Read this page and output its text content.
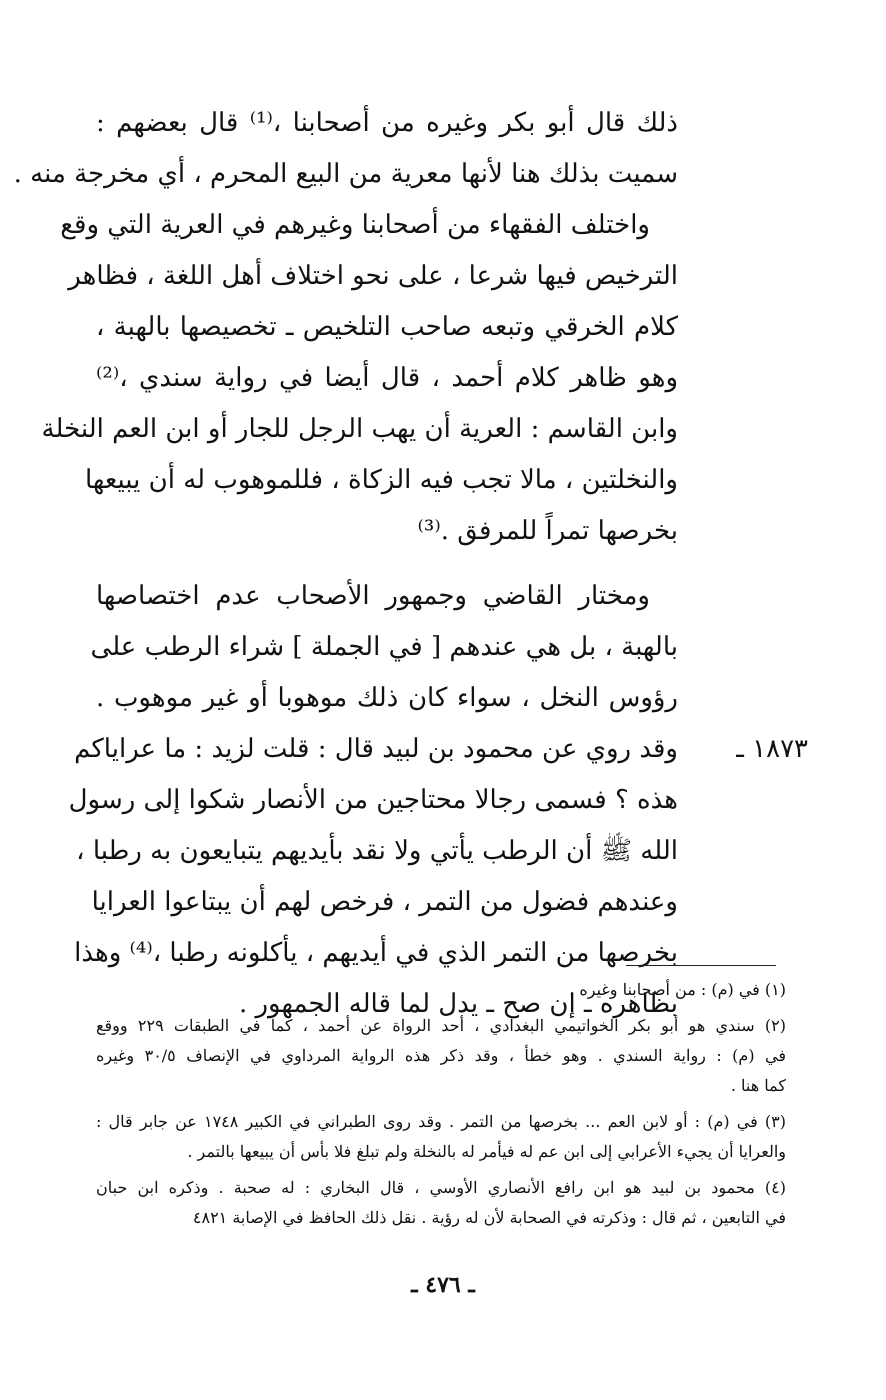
ذلك قال أبو بكر وغيره من أصحابنا ،⁽¹⁾ قال بعضهم :
سميت بذلك هنا لأنها معرية من البيع المحرم ، أي مخرجة منه .
واختلف الفقهاء من أصحابنا وغيرهم في العرية التي وقع
الترخيص فيها شرعا ، على نحو اختلاف أهل اللغة ، فظاهر
كلام الخرقي وتبعه صاحب التلخيص ـ تخصيصها بالهبة ،
وهو ظاهر كلام أحمد ، قال أيضا في رواية سندي ،⁽²⁾
وابن القاسم : العرية أن يهب الرجل للجار أو ابن العم النخلة
والنخلتين ، مالا تجب فيه الزكاة ، فللموهوب له أن يبيعها
بخرصها تمراً للمرفق .⁽³⁾
ومختار القاضي وجمهور الأصحاب عدم اختصاصها
بالهبة ، بل هي عندهم [ في الجملة ] شراء الرطب على
رؤوس النخل ، سواء كان ذلك موهوبا أو غير موهوب .
١٨٧٣ ـ
وقد روي عن محمود بن لبيد قال : قلت لزيد : ما عراياكم
هذه ؟ فسمى رجالا محتاجين من الأنصار شكوا إلى رسول
الله ﷺ أن الرطب يأتي ولا نقد بأيديهم يتبايعون به رطبا ،
وعندهم فضول من التمر ، فرخص لهم أن يبتاعوا العرايا
بخرصها من التمر الذي في أيديهم ، يأكلونه رطبا ،⁽⁴⁾ وهذا
بظاهره ـ إن صح ـ يدل لما قاله الجمهور .
(١) في (م) : من أصحابنا وغيره .
(٢) سندي هو أبو بكر الخواتيمي البغدادي ، أحد الرواة عن أحمد ، كما في الطبقات ٢٢٩ ووقع
في (م) : رواية السندي . وهو خطأ ، وقد ذكر هذه الرواية المرداوي في الإنصاف ٣٠/٥ وغيره
كما هنا .
(٣) في (م) : أو لابن العم ... بخرصها من التمر . وقد روى الطبراني في الكبير ١٧٤٨ عن جابر قال :
والعرايا أن يجيء الأعرابي إلى ابن عم له فيأمر له بالنخلة ولم تبلغ فلا بأس أن يبيعها بالتمر .
(٤) محمود بن لبيد هو ابن رافع الأنصاري الأوسي ، قال البخاري : له صحبة . وذكره ابن حبان
في التابعين ، ثم قال : وذكرته في الصحابة لأن له رؤية . نقل ذلك الحافظ في الإصابة ٤٨٢١
ـ ٤٧٦ ـ
